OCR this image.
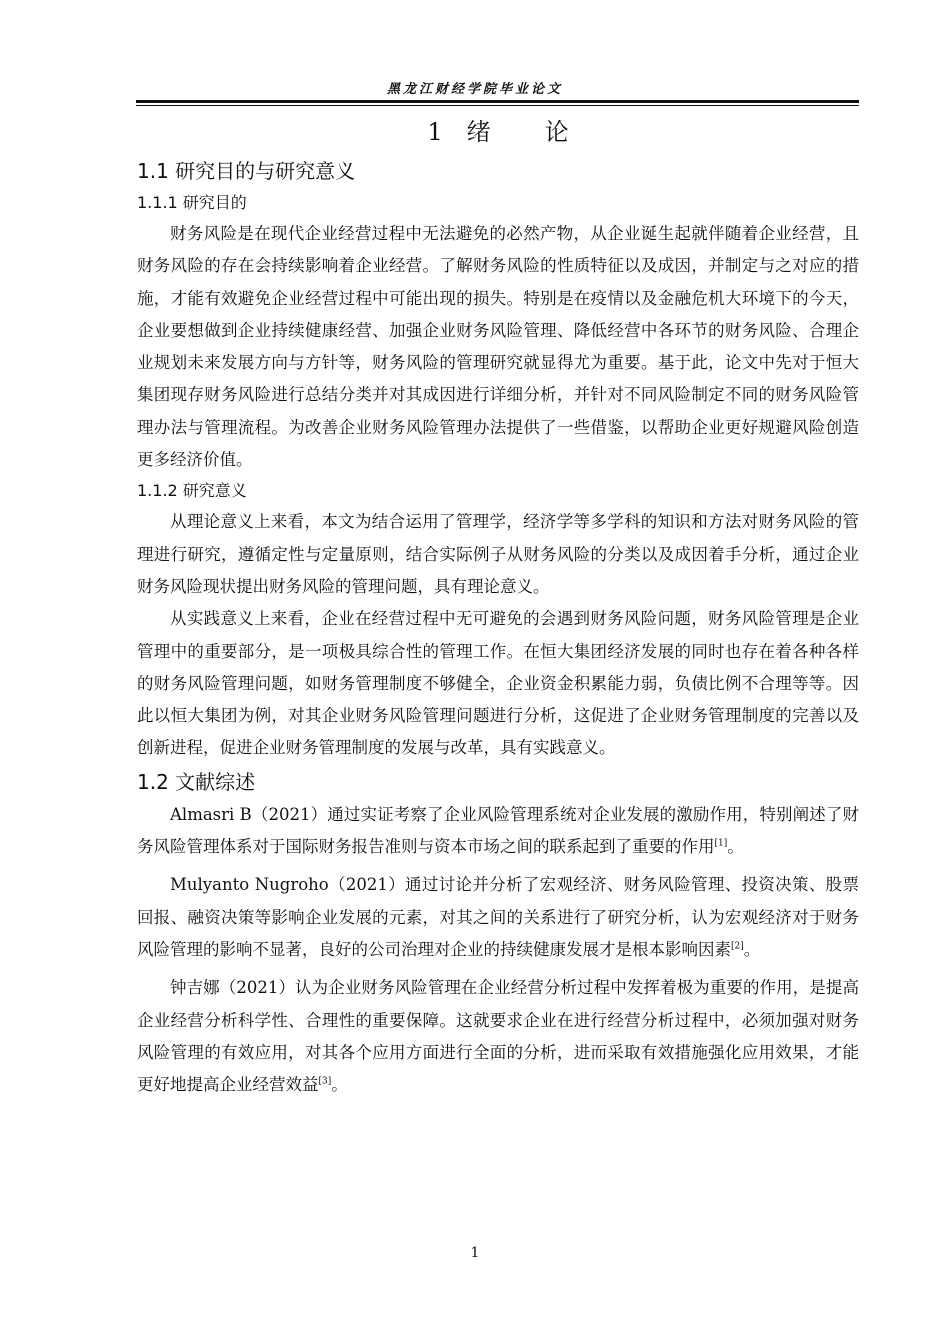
黑龙江财经学院毕业论文
1 绪 论
1.1 研究目的与研究意义
1.1.1 研究目的

财务风险是在现代企业经营过程中无法避免的必然产物，从企业诞生起就伴随着企业经营，且财务风险的存在会持续影响着企业经营。了解财务风险的性质特征以及成因，并制定与之对应的措施，才能有效避免企业经营过程中可能出现的损失。特别是在疫情以及金融危机大环境下的今天，企业要想做到企业持续健康经营、加强企业财务风险管理、降低经营中各环节的财务风险、合理企业规划未来发展方向与方针等，财务风险的管理研究就显得尤为重要。基于此，论文中先对于恒大集团现存财务风险进行总结分类并对其成因进行详细分析，并针对不同风险制定不同的财务风险管理办法与管理流程。为改善企业财务风险管理办法提供了一些借鉴，以帮助企业更好规避风险创造更多经济价值。

1.1.2 研究意义

从理论意义上来看，本文为结合运用了管理学，经济学等多学科的知识和方法对财务风险的管理进行研究，遵循定性与定量原则，结合实际例子从财务风险的分类以及成因着手分析，通过企业财务风险现状提出财务风险的管理问题，具有理论意义。

从实践意义上来看，企业在经营过程中无可避免的会遇到财务风险问题，财务风险管理是企业管理中的重要部分，是一项极具综合性的管理工作。在恒大集团经济发展的同时也存在着各种各样的财务风险管理问题，如财务管理制度不够健全，企业资金积累能力弱，负债比例不合理等等。因此以恒大集团为例，对其企业财务风险管理问题进行分析，这促进了企业财务管理制度的完善以及创新进程，促进企业财务管理制度的发展与改革，具有实践意义。

1.2 文献综述

Almasri B（2021）通过实证考察了企业风险管理系统对企业发展的激励作用，特别阐述了财务风险管理体系对于国际财务报告准则与资本市场之间的联系起到了重要的作用[1]。

Mulyanto Nugroho（2021）通过讨论并分析了宏观经济、财务风险管理、投资决策、股票回报、融资决策等影响企业发展的元素，对其之间的关系进行了研究分析，认为宏观经济对于财务风险管理的影响不显著，良好的公司治理对企业的持续健康发展才是根本影响因素[2]。

钟吉娜（2021）认为企业财务风险管理在企业经营分析过程中发挥着极为重要的作用，是提高企业经营分析科学性、合理性的重要保障。这就要求企业在进行经营分析过程中，必须加强对财务风险管理的有效应用，对其各个应用方面进行全面的分析，进而采取有效措施强化应用效果，才能更好地提高企业经营效益[3]。

1
